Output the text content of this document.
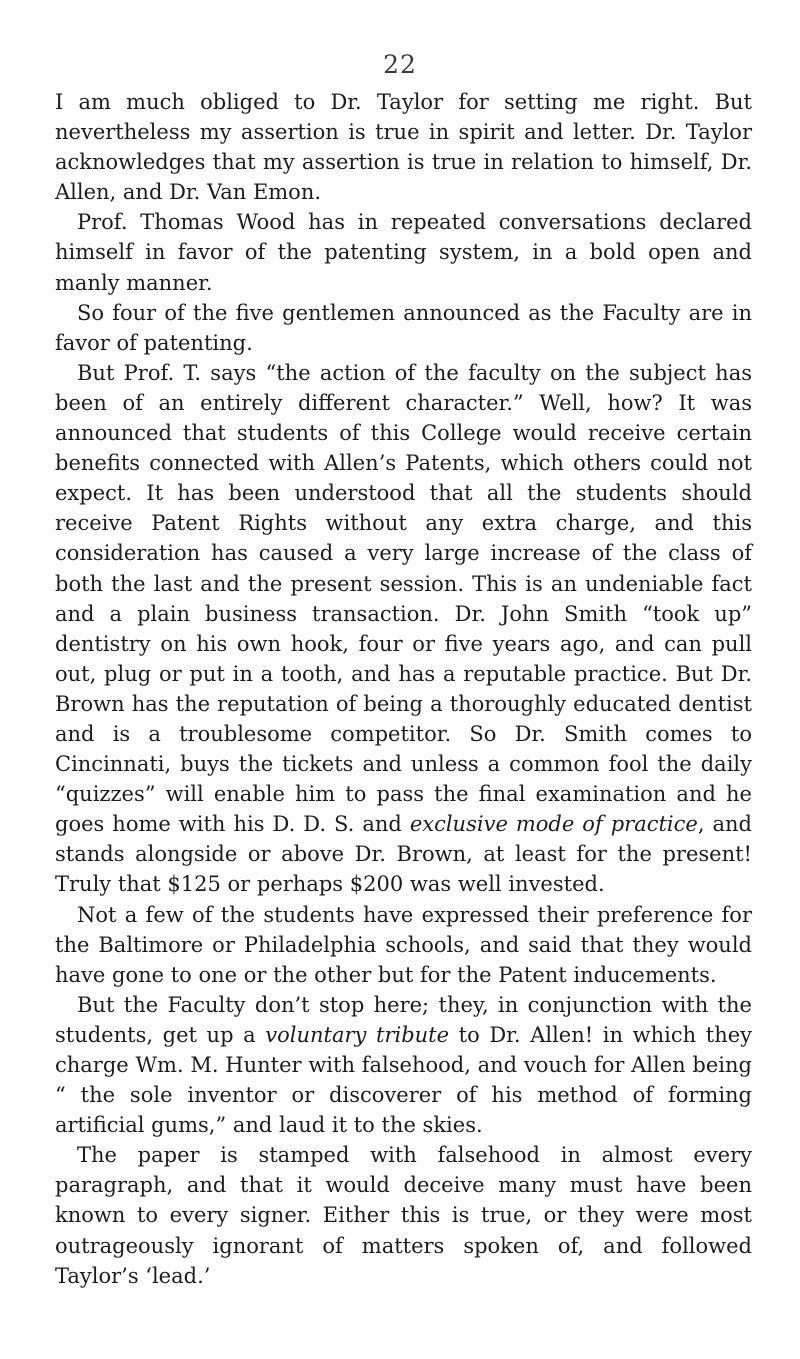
22

I am much obliged to Dr. Taylor for setting me right. But nevertheless my assertion is true in spirit and letter. Dr. Taylor acknowledges that my assertion is true in relation to himself, Dr. Allen, and Dr. Van Emon.

Prof. Thomas Wood has in repeated conversations declared himself in favor of the patenting system, in a bold open and manly manner.

So four of the five gentlemen announced as the Faculty are in favor of patenting.

But Prof. T. says “the action of the faculty on the subject has been of an entirely different character.” Well, how? It was announced that students of this College would receive certain benefits connected with Allen’s Patents, which others could not expect. It has been understood that all the students should receive Patent Rights without any extra charge, and this consideration has caused a very large increase of the class of both the last and the present session. This is an undeniable fact and a plain business transaction. Dr. John Smith “took up” dentistry on his own hook, four or five years ago, and can pull out, plug or put in a tooth, and has a reputable practice. But Dr. Brown has the reputation of being a thoroughly educated dentist and is a troublesome competitor. So Dr. Smith comes to Cincinnati, buys the tickets and unless a common fool the daily “quizzes” will enable him to pass the final examination and he goes home with his D. D. S. and exclusive mode of practice, and stands alongside or above Dr. Brown, at least for the present! Truly that $125 or perhaps $200 was well invested.

Not a few of the students have expressed their preference for the Baltimore or Philadelphia schools, and said that they would have gone to one or the other but for the Patent inducements.

But the Faculty don’t stop here; they, in conjunction with the students, get up a voluntary tribute to Dr. Allen! in which they charge Wm. M. Hunter with falsehood, and vouch for Allen being “ the sole inventor or discoverer of his method of forming artificial gums,” and laud it to the skies.

The paper is stamped with falsehood in almost every paragraph, and that it would deceive many must have been known to every signer. Either this is true, or they were most outrageously ignorant of matters spoken of, and followed Taylor’s ‘lead.’
